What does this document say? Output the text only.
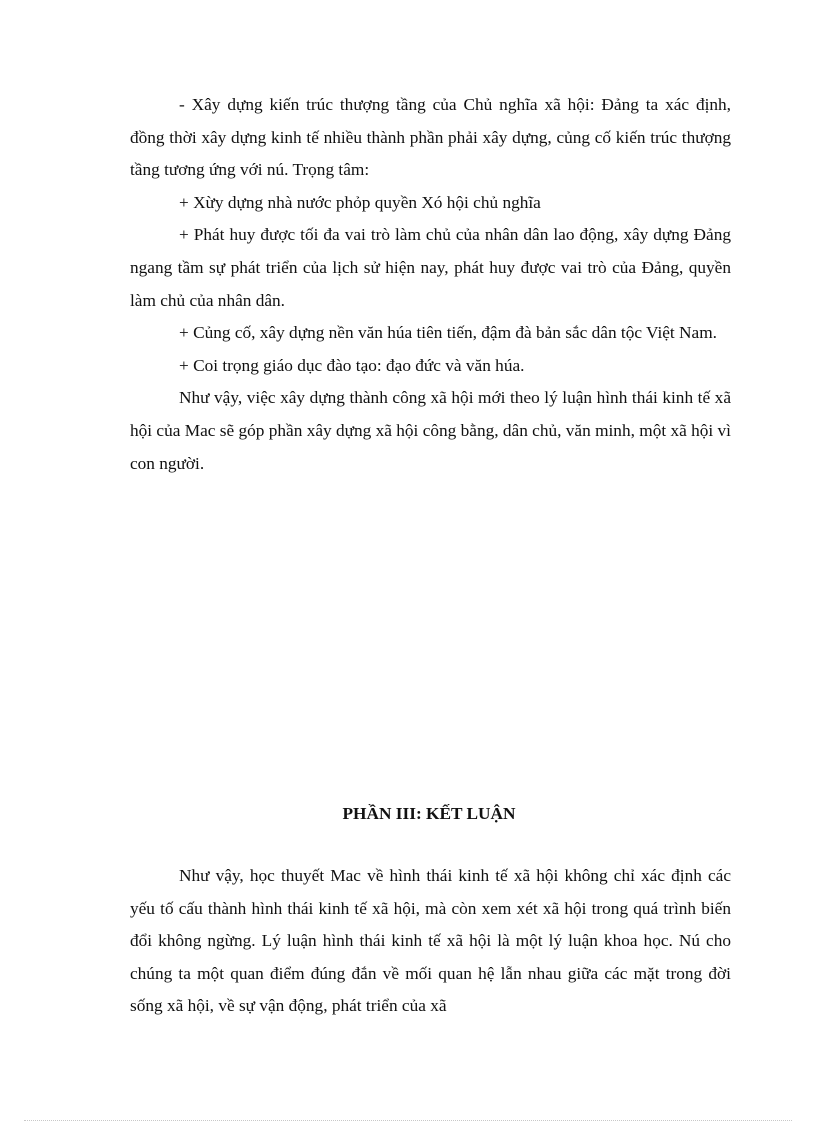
- Xây dựng kiến trúc thượng tầng của Chủ nghĩa xã hội: Đảng ta xác định, đồng thời xây dựng kinh tế nhiều thành phần phải xây dựng, củng cố kiến trúc thượng tầng tương ứng với nú. Trọng tâm:

+ Xừy dựng nhà nước phỏp quyền Xó hội chủ nghĩa

+ Phát huy được tối đa vai trò làm chủ của nhân dân lao động, xây dựng Đảng ngang tầm sự phát triển của lịch sử hiện nay, phát huy được vai trò của Đảng, quyền làm chủ của nhân dân.

+ Củng cố, xây dựng nền văn húa tiên tiến, đậm đà bản sắc dân tộc Việt Nam.

+ Coi trọng giáo dục đào tạo: đạo đức và văn húa.

Như vậy, việc xây dựng thành công xã hội mới theo lý luận hình thái kinh tế xã hội của Mac sẽ góp phần xây dựng xã hội công bằng, dân chủ, văn minh, một xã hội vì con người.

PHẦN III: KẾT LUẬN

Như vậy, học thuyết Mac về hình thái kinh tế xã hội không chỉ xác định các yếu tố cấu thành hình thái kinh tế xã hội, mà còn xem xét xã hội trong quá trình biến đổi không ngừng. Lý luận hình thái kinh tế xã hội là một lý luận khoa học. Nú cho chúng ta một quan điểm đúng đắn về mối quan hệ lẫn nhau giữa các mặt trong đời sống xã hội, về sự vận động, phát triển của xã
